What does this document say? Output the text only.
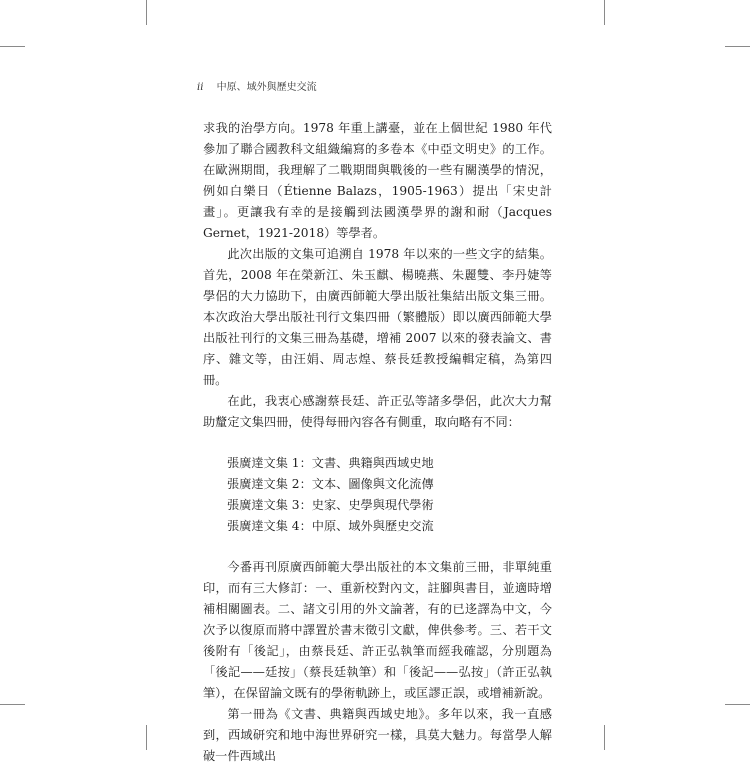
ii 中原、域外與歷史交流

求我的治學方向。1978 年重上講臺，並在上個世紀 1980 年代參加了聯合國教科文組織編寫的多卷本《中亞文明史》的工作。在歐洲期間，我理解了二戰期間與戰後的一些有關漢學的情況，例如白樂日（Étienne Balazs，1905-1963）提出「宋史計畫」。更讓我有幸的是接觸到法國漢學界的謝和耐（Jacques Gernet，1921-2018）等學者。

此次出版的文集可追溯自 1978 年以來的一些文字的結集。首先，2008 年在榮新江、朱玉麒、楊曉燕、朱麗雙、李丹婕等學侶的大力協助下，由廣西師範大學出版社集結出版文集三冊。本次政治大學出版社刊行文集四冊（繁體版）即以廣西師範大學出版社刊行的文集三冊為基礎，增補 2007 以來的發表論文、書序、雜文等，由汪娟、周志煌、蔡長廷教授編輯定稿，為第四冊。

在此，我衷心感謝蔡長廷、許正弘等諸多學侶，此次大力幫助釐定文集四冊，使得每冊內容各有側重，取向略有不同：

張廣達文集 1：文書、典籍與西域史地
張廣達文集 2：文本、圖像與文化流傳
張廣達文集 3：史家、史學與現代學術
張廣達文集 4：中原、域外與歷史交流

今番再刊原廣西師範大學出版社的本文集前三冊，非單純重印，而有三大修訂：一、重新校對內文，註腳與書目，並適時增補相關圖表。二、諸文引用的外文論著，有的已迻譯為中文，今次予以復原而將中譯置於書末徵引文獻，俾供參考。三、若干文後附有「後記」，由蔡長廷、許正弘執筆而經我確認，分別題為「後記——廷按」（蔡長廷執筆）和「後記——弘按」（許正弘執筆），在保留論文既有的學術軌跡上，或匡謬正誤，或增補新說。

第一冊為《文書、典籍與西域史地》。多年以來，我一直感到，西域研究和地中海世界研究一樣，具莫大魅力。每當學人解破一件西域出
